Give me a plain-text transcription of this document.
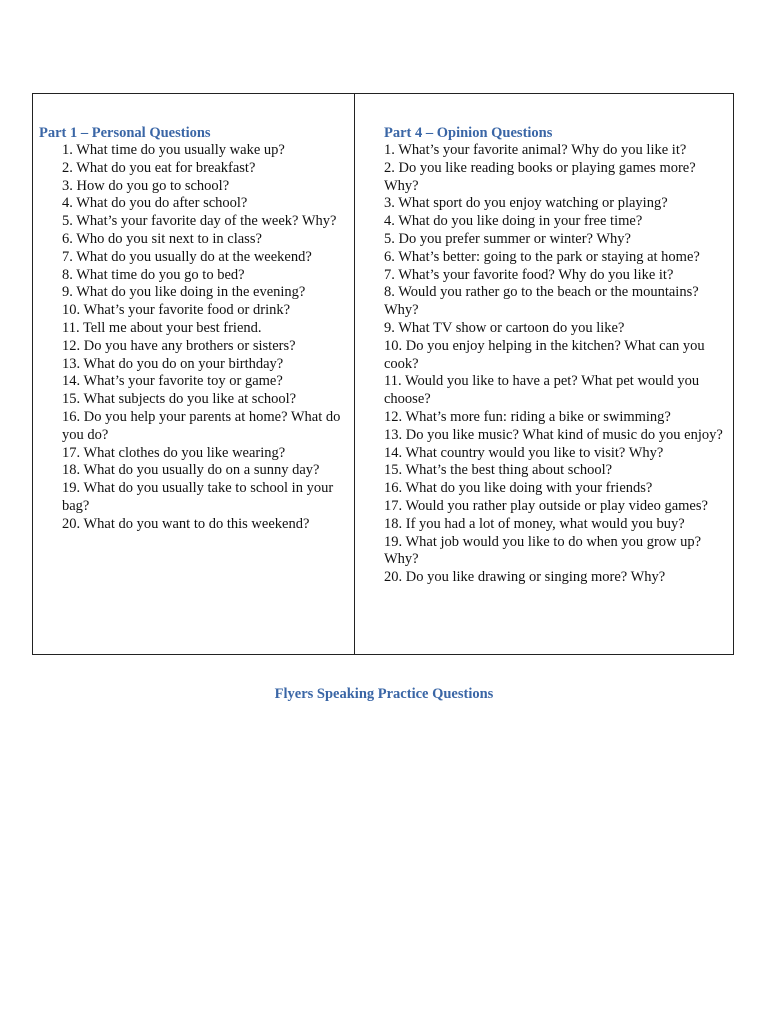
Part 1 – Personal Questions

1. What time do you usually wake up?
2. What do you eat for breakfast?
3. How do you go to school?
4. What do you do after school?
5. What’s your favorite day of the week? Why?
6. Who do you sit next to in class?
7. What do you usually do at the weekend?
8. What time do you go to bed?
9. What do you like doing in the evening?
10. What’s your favorite food or drink?
11. Tell me about your best friend.
12. Do you have any brothers or sisters?
13. What do you do on your birthday?
14. What’s your favorite toy or game?
15. What subjects do you like at school?
16. Do you help your parents at home? What do you do?
17. What clothes do you like wearing?
18. What do you usually do on a sunny day?
19. What do you usually take to school in your bag?
20. What do you want to do this weekend?

Part 4 – Opinion Questions

1. What’s your favorite animal? Why do you like it?
2. Do you like reading books or playing games more? Why?
3. What sport do you enjoy watching or playing?
4. What do you like doing in your free time?
5. Do you prefer summer or winter? Why?
6. What’s better: going to the park or staying at home?
7. What’s your favorite food? Why do you like it?
8. Would you rather go to the beach or the mountains? Why?
9. What TV show or cartoon do you like?
10. Do you enjoy helping in the kitchen? What can you cook?
11. Would you like to have a pet? What pet would you choose?
12. What’s more fun: riding a bike or swimming?
13. Do you like music? What kind of music do you enjoy?
14. What country would you like to visit? Why?
15. What’s the best thing about school?
16. What do you like doing with your friends?
17. Would you rather play outside or play video games?
18. If you had a lot of money, what would you buy?
19. What job would you like to do when you grow up? Why?
20. Do you like drawing or singing more? Why?
Flyers Speaking Practice Questions
